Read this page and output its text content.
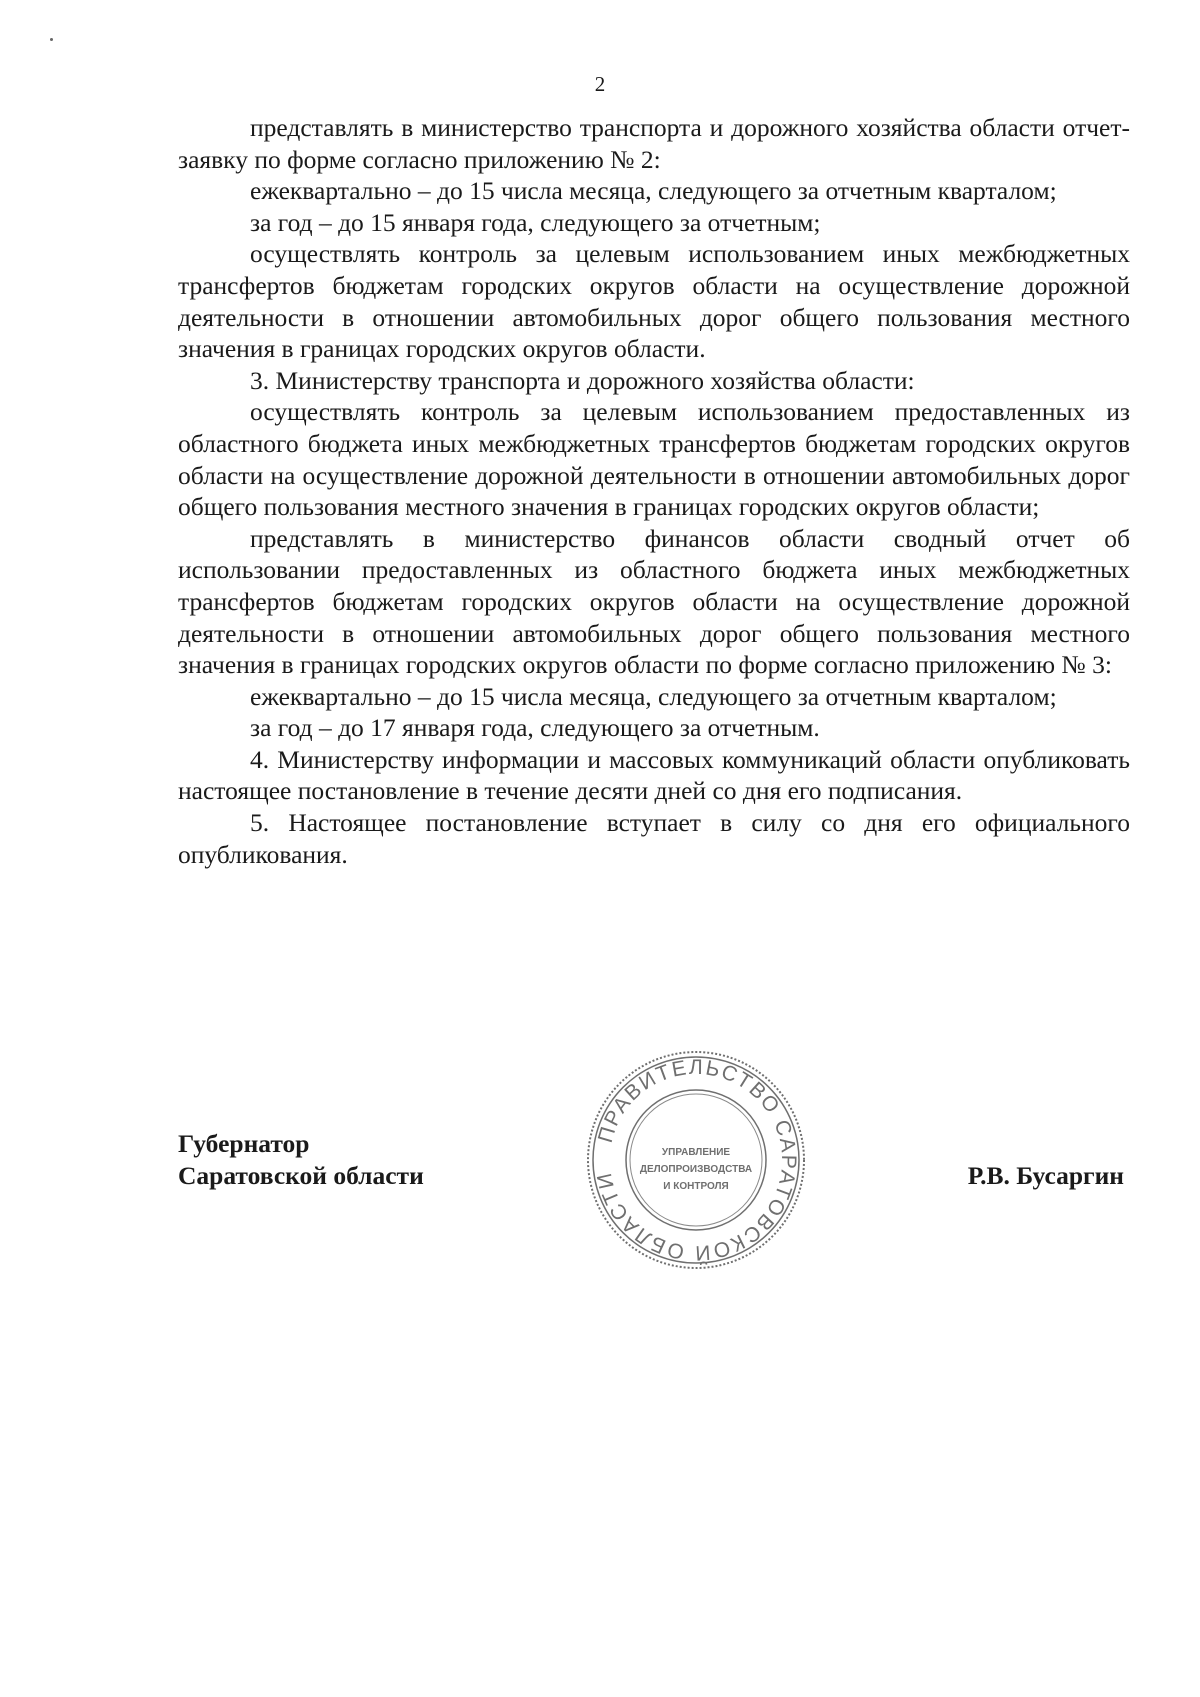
2

представлять в министерство транспорта и дорожного хозяйства области отчет-заявку по форме согласно приложению № 2:

ежеквартально – до 15 числа месяца, следующего за отчетным кварталом;

за год – до 15 января года, следующего за отчетным;

осуществлять контроль за целевым использованием иных межбюджетных трансфертов бюджетам городских округов области на осуществление дорожной деятельности в отношении автомобильных дорог общего пользования местного значения в границах городских округов области.

3. Министерству транспорта и дорожного хозяйства области:

осуществлять контроль за целевым использованием предоставленных из областного бюджета иных межбюджетных трансфертов бюджетам городских округов области на осуществление дорожной деятельности в отношении автомобильных дорог общего пользования местного значения в границах городских округов области;

представлять в министерство финансов области сводный отчет об использовании предоставленных из областного бюджета иных межбюджетных трансфертов бюджетам городских округов области на осуществление дорожной деятельности в отношении автомобильных дорог общего пользования местного значения в границах городских округов области по форме согласно приложению № 3:

ежеквартально – до 15 числа месяца, следующего за отчетным кварталом;

за год – до 17 января года, следующего за отчетным.

4. Министерству информации и массовых коммуникаций области опубликовать настоящее постановление в течение десяти дней со дня его подписания.

5. Настоящее постановление вступает в силу со дня его официального опубликования.

Губернатор
Саратовской области
ПРАВИТЕЛЬСТВО САРАТОВСКОЙ ОБЛАСТИ
УПРАВЛЕНИЕ
ДЕЛОПРОИЗВОДСТВА
И КОНТРОЛЯ	Р.В. Бусаргин
